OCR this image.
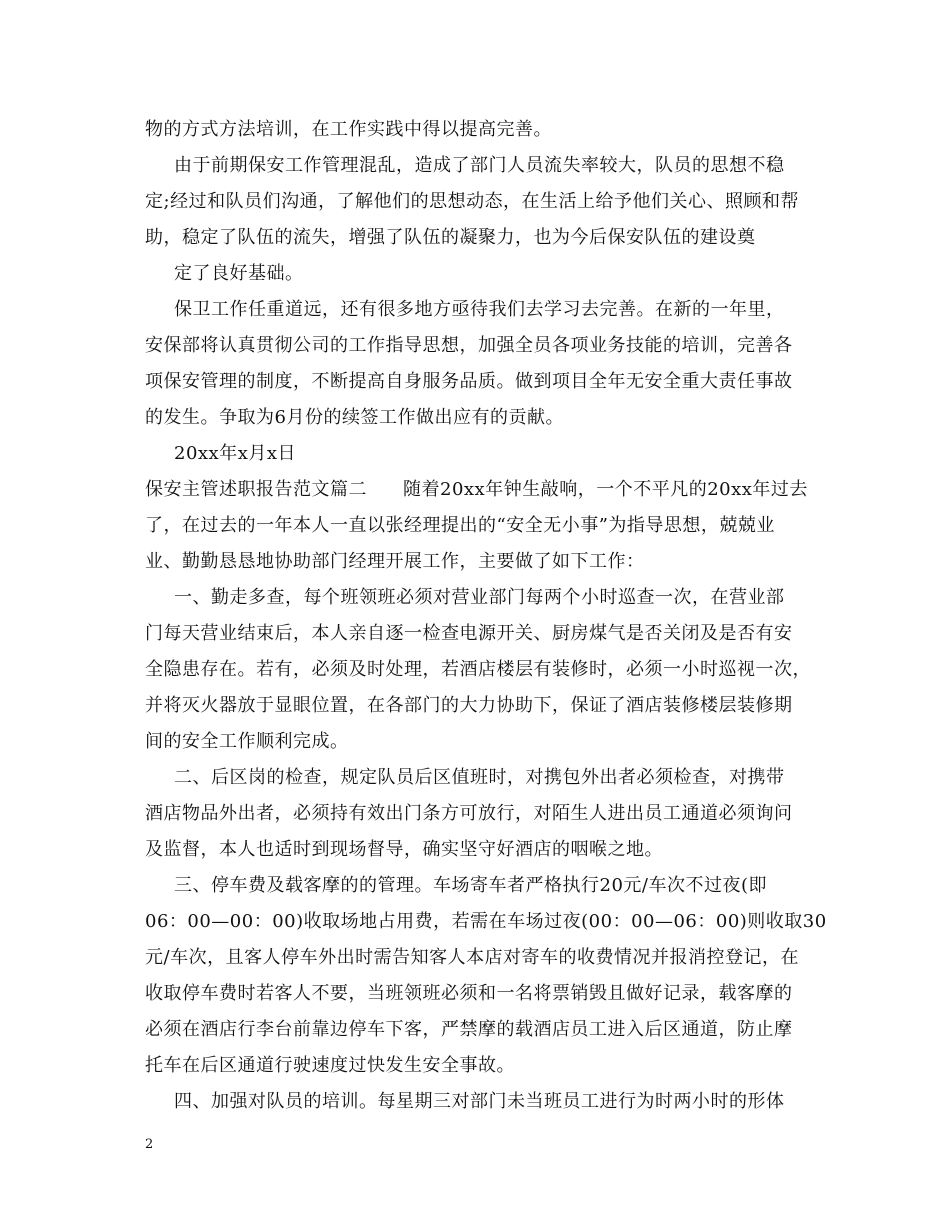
物的方式方法培训，在工作实践中得以提高完善。
由于前期保安工作管理混乱，造成了部门人员流失率较大，队员的思想不稳
定;经过和队员们沟通，了解他们的思想动态，在生活上给予他们关心、照顾和帮
助，稳定了队伍的流失，增强了队伍的凝聚力，也为今后保安队伍的建设奠
定了良好基础。
保卫工作任重道远，还有很多地方亟待我们去学习去完善。在新的一年里，
安保部将认真贯彻公司的工作指导思想，加强全员各项业务技能的培训，完善各
项保安管理的制度，不断提高自身服务品质。做到项目全年无安全重大责任事故
的发生。争取为6月份的续签工作做出应有的贡献。
20xx年x月x日
保安主管述职报告范文篇二 随着20xx年钟生敲响，一个不平凡的20xx年过去
了，在过去的一年本人一直以张经理提出的“安全无小事”为指导思想，兢兢业
业、勤勤恳恳地协助部门经理开展工作，主要做了如下工作：
一、勤走多查，每个班领班必须对营业部门每两个小时巡查一次，在营业部
门每天营业结束后，本人亲自逐一检查电源开关、厨房煤气是否关闭及是否有安
全隐患存在。若有，必须及时处理，若酒店楼层有装修时，必须一小时巡视一次，
并将灭火器放于显眼位置，在各部门的大力协助下，保证了酒店装修楼层装修期
间的安全工作顺利完成。
二、后区岗的检查，规定队员后区值班时，对携包外出者必须检查，对携带
酒店物品外出者，必须持有效出门条方可放行，对陌生人进出员工通道必须询问
及监督，本人也适时到现场督导，确实坚守好酒店的咽喉之地。
三、停车费及载客摩的的管理。车场寄车者严格执行20元/车次不过夜(即
06：00—00：00)收取场地占用费，若需在车场过夜(00：00—06：00)则收取30
元/车次，且客人停车外出时需告知客人本店对寄车的收费情况并报消控登记，在
收取停车费时若客人不要，当班领班必须和一名将票销毁且做好记录，载客摩的
必须在酒店行李台前靠边停车下客，严禁摩的载酒店员工进入后区通道，防止摩
托车在后区通道行驶速度过快发生安全事故。
四、加强对队员的培训。每星期三对部门未当班员工进行为时两小时的形体
2
